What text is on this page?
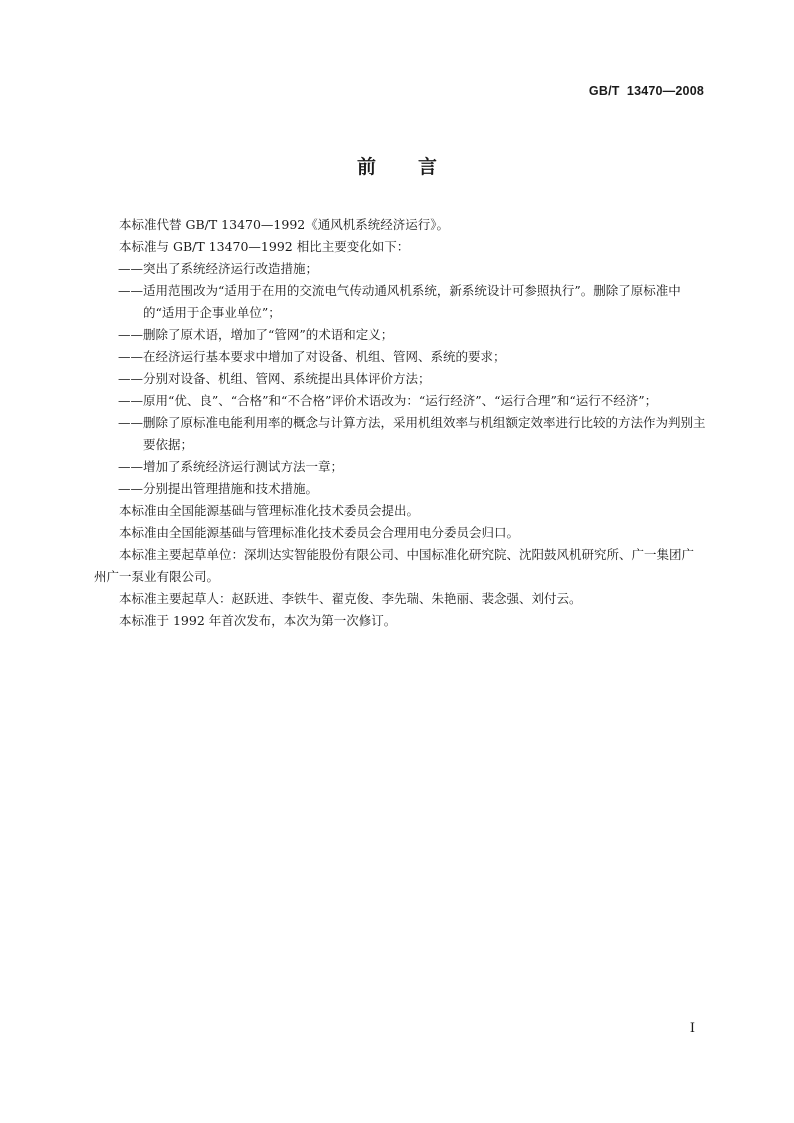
GB/T  13470—2008
前言

本标准代替 GB/T 13470—1992《通风机系统经济运行》。

本标准与 GB/T 13470—1992 相比主要变化如下：

——突出了系统经济运行改造措施；

——适用范围改为“适用于在用的交流电气传动通风机系统，新系统设计可参照执行”。删除了原标准中的“适用于企事业单位”；

——删除了原术语，增加了“管网”的术语和定义；

——在经济运行基本要求中增加了对设备、机组、管网、系统的要求；

——分别对设备、机组、管网、系统提出具体评价方法；

——原用“优、良”、“合格”和“不合格”评价术语改为：“运行经济”、“运行合理”和“运行不经济”；

——删除了原标准电能利用率的概念与计算方法，采用机组效率与机组额定效率进行比较的方法作为判别主要依据；

——增加了系统经济运行测试方法一章；

——分别提出管理措施和技术措施。

本标准由全国能源基础与管理标准化技术委员会提出。

本标准由全国能源基础与管理标准化技术委员会合理用电分委员会归口。

本标准主要起草单位：深圳达实智能股份有限公司、中国标准化研究院、沈阳鼓风机研究所、广一集团广州广一泵业有限公司。

本标准主要起草人：赵跃进、李铁牛、翟克俊、李先瑞、朱艳丽、裴念强、刘付云。

本标准于 1992 年首次发布，本次为第一次修订。

I
